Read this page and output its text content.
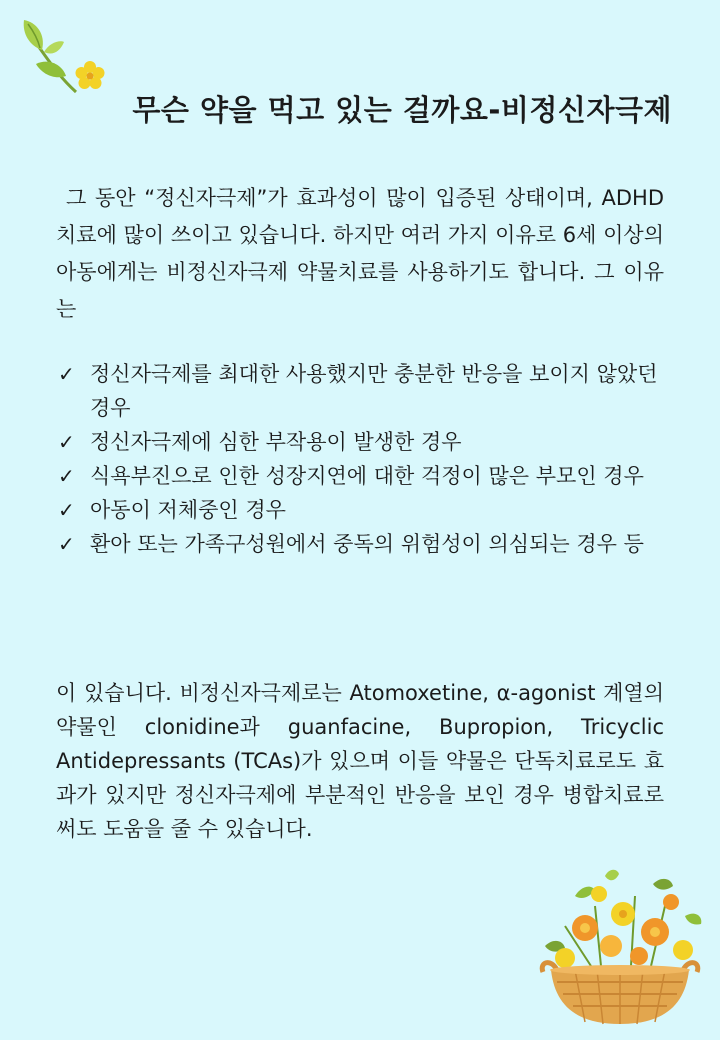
무슨 약을 먹고 있는 걸까요-비정신자극제
그 동안 “정신자극제”가 효과성이 많이 입증된 상태이며, ADHD 치료에 많이 쓰이고 있습니다. 하지만 여러 가지 이유로 6세 이상의 아동에게는 비정신자극제 약물치료를 사용하기도 합니다. 그 이유는
✓ 정신자극제를 최대한 사용했지만 충분한 반응을 보이지 않았던 경우
✓ 정신자극제에 심한 부작용이 발생한 경우
✓ 식욕부진으로 인한 성장지연에 대한 걱정이 많은 부모인 경우
✓ 아동이 저체중인 경우
✓ 환아 또는 가족구성원에서 중독의 위험성이 의심되는 경우 등
이 있습니다. 비정신자극제로는 Atomoxetine, α-agonist 계열의 약물인 clonidine과 guanfacine, Bupropion, Tricyclic Antidepressants (TCAs)가 있으며 이들 약물은 단독치료로도 효과가 있지만 정신자극제에 부분적인 반응을 보인 경우 병합치료로써도 도움을 줄 수 있습니다.
